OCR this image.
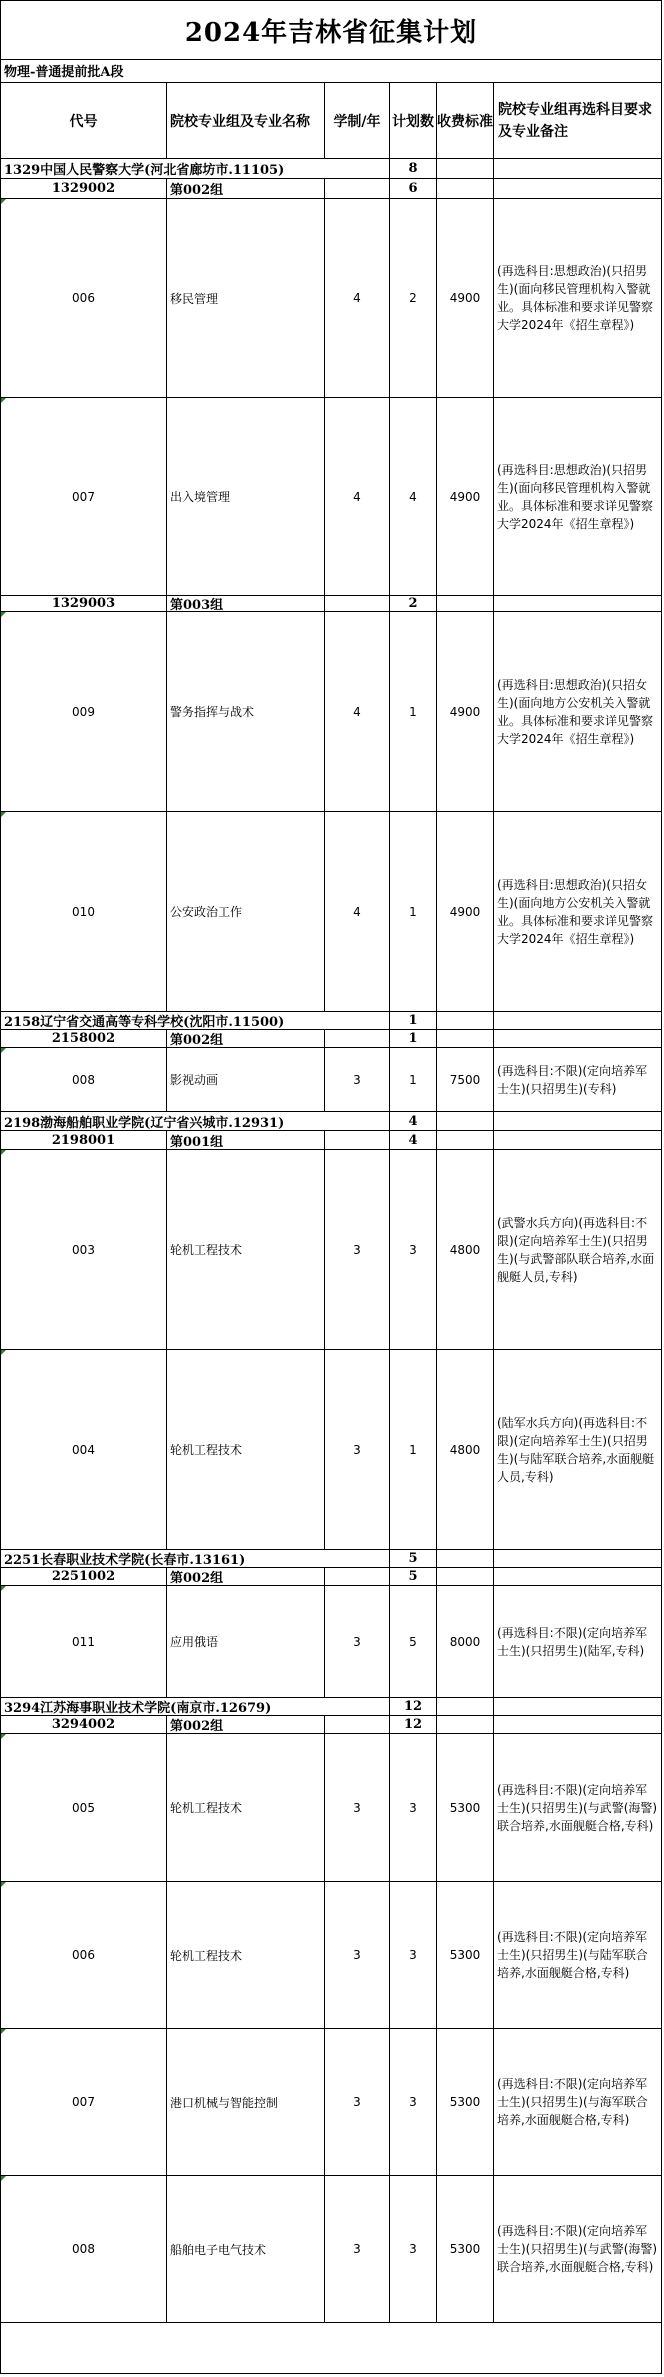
2024年吉林省征集计划
物理-普通提前批A段
代号	院校专业组及专业名称	学制/年 计划数 收费标准
院校专业组再选科目要求及专业备注
1329中国人民警察大学(河北省廊坊市.11105)	8
1329002	第002组	6
006	移民管理	4	2	4900
(再选科目:思想政治)(只招男生)(面向移民管理机构入警就业。具体标准和要求详见警察大学2024年《招生章程》)
007	出入境管理	4	4	4900
(再选科目:思想政治)(只招男生)(面向移民管理机构入警就业。具体标准和要求详见警察大学2024年《招生章程》)
1329003	第003组	2
009	警务指挥与战术	4	1	4900
(再选科目:思想政治)(只招女生)(面向地方公安机关入警就业。具体标准和要求详见警察大学2024年《招生章程》)
010	公安政治工作	4	1	4900
(再选科目:思想政治)(只招女生)(面向地方公安机关入警就业。具体标准和要求详见警察大学2024年《招生章程》)
2158辽宁省交通高等专科学校(沈阳市.11500)	1
2158002	第002组	1
008	影视动画	3	1	7500
(再选科目:不限)(定向培养军士生)(只招男生)(专科)
2198渤海船舶职业学院(辽宁省兴城市.12931)	4
2198001	第001组	4
003	轮机工程技术	3	3	4800
(武警水兵方向)(再选科目:不限)(定向培养军士生)(只招男生)(与武警部队联合培养,水面舰艇人员,专科)
004	轮机工程技术	3	1	4800
(陆军水兵方向)(再选科目:不限)(定向培养军士生)(只招男生)(与陆军联合培养,水面舰艇人员,专科)
2251长春职业技术学院(长春市.13161)	5
2251002	第002组	5
011	应用俄语	3	5	8000
(再选科目:不限)(定向培养军士生)(只招男生)(陆军,专科)
3294江苏海事职业技术学院(南京市.12679)	12
3294002	第002组	12
005	轮机工程技术	3	3	5300
(再选科目:不限)(定向培养军士生)(只招男生)(与武警(海警)联合培养,水面舰艇合格,专科)
006	轮机工程技术	3	3	5300
(再选科目:不限)(定向培养军士生)(只招男生)(与陆军联合培养,水面舰艇合格,专科)
007	港口机械与智能控制	3	3	5300
(再选科目:不限)(定向培养军士生)(只招男生)(与海军联合培养,水面舰艇合格,专科)
008	船舶电子电气技术	3	3	5300
(再选科目:不限)(定向培养军士生)(只招男生)(与武警(海警)联合培养,水面舰艇合格,专科)
